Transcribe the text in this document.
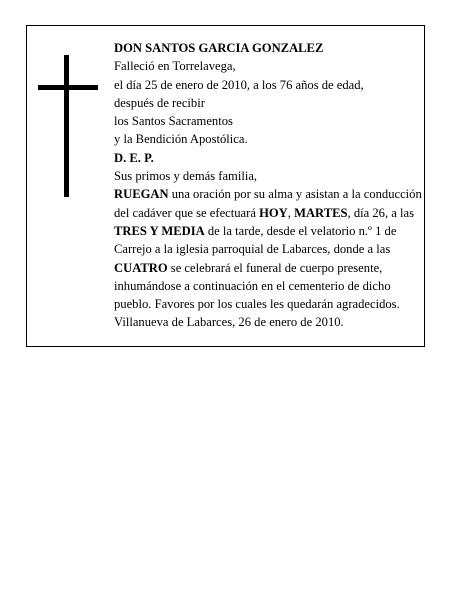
DON SANTOS GARCIA GONZALEZ
Falleció en Torrelavega,
el día 25 de enero de 2010, a los 76 años de edad,
después de recibir
los Santos Sacramentos
y la Bendición Apostólica.
D. E. P.
Sus primos y demás familia,
RUEGAN una oración por su alma y asistan a la conducción del cadáver que se efectuará HOY, MARTES, día 26, a las TRES Y MEDIA de la tarde, desde el velatorio n.º 1 de Carrejo a la iglesia parroquial de Labarces, donde a las CUATRO se celebrará el funeral de cuerpo presente, inhumándose a continuación en el cementerio de dicho pueblo. Favores por los cuales les quedarán agradecidos.
Villanueva de Labarces, 26 de enero de 2010.
